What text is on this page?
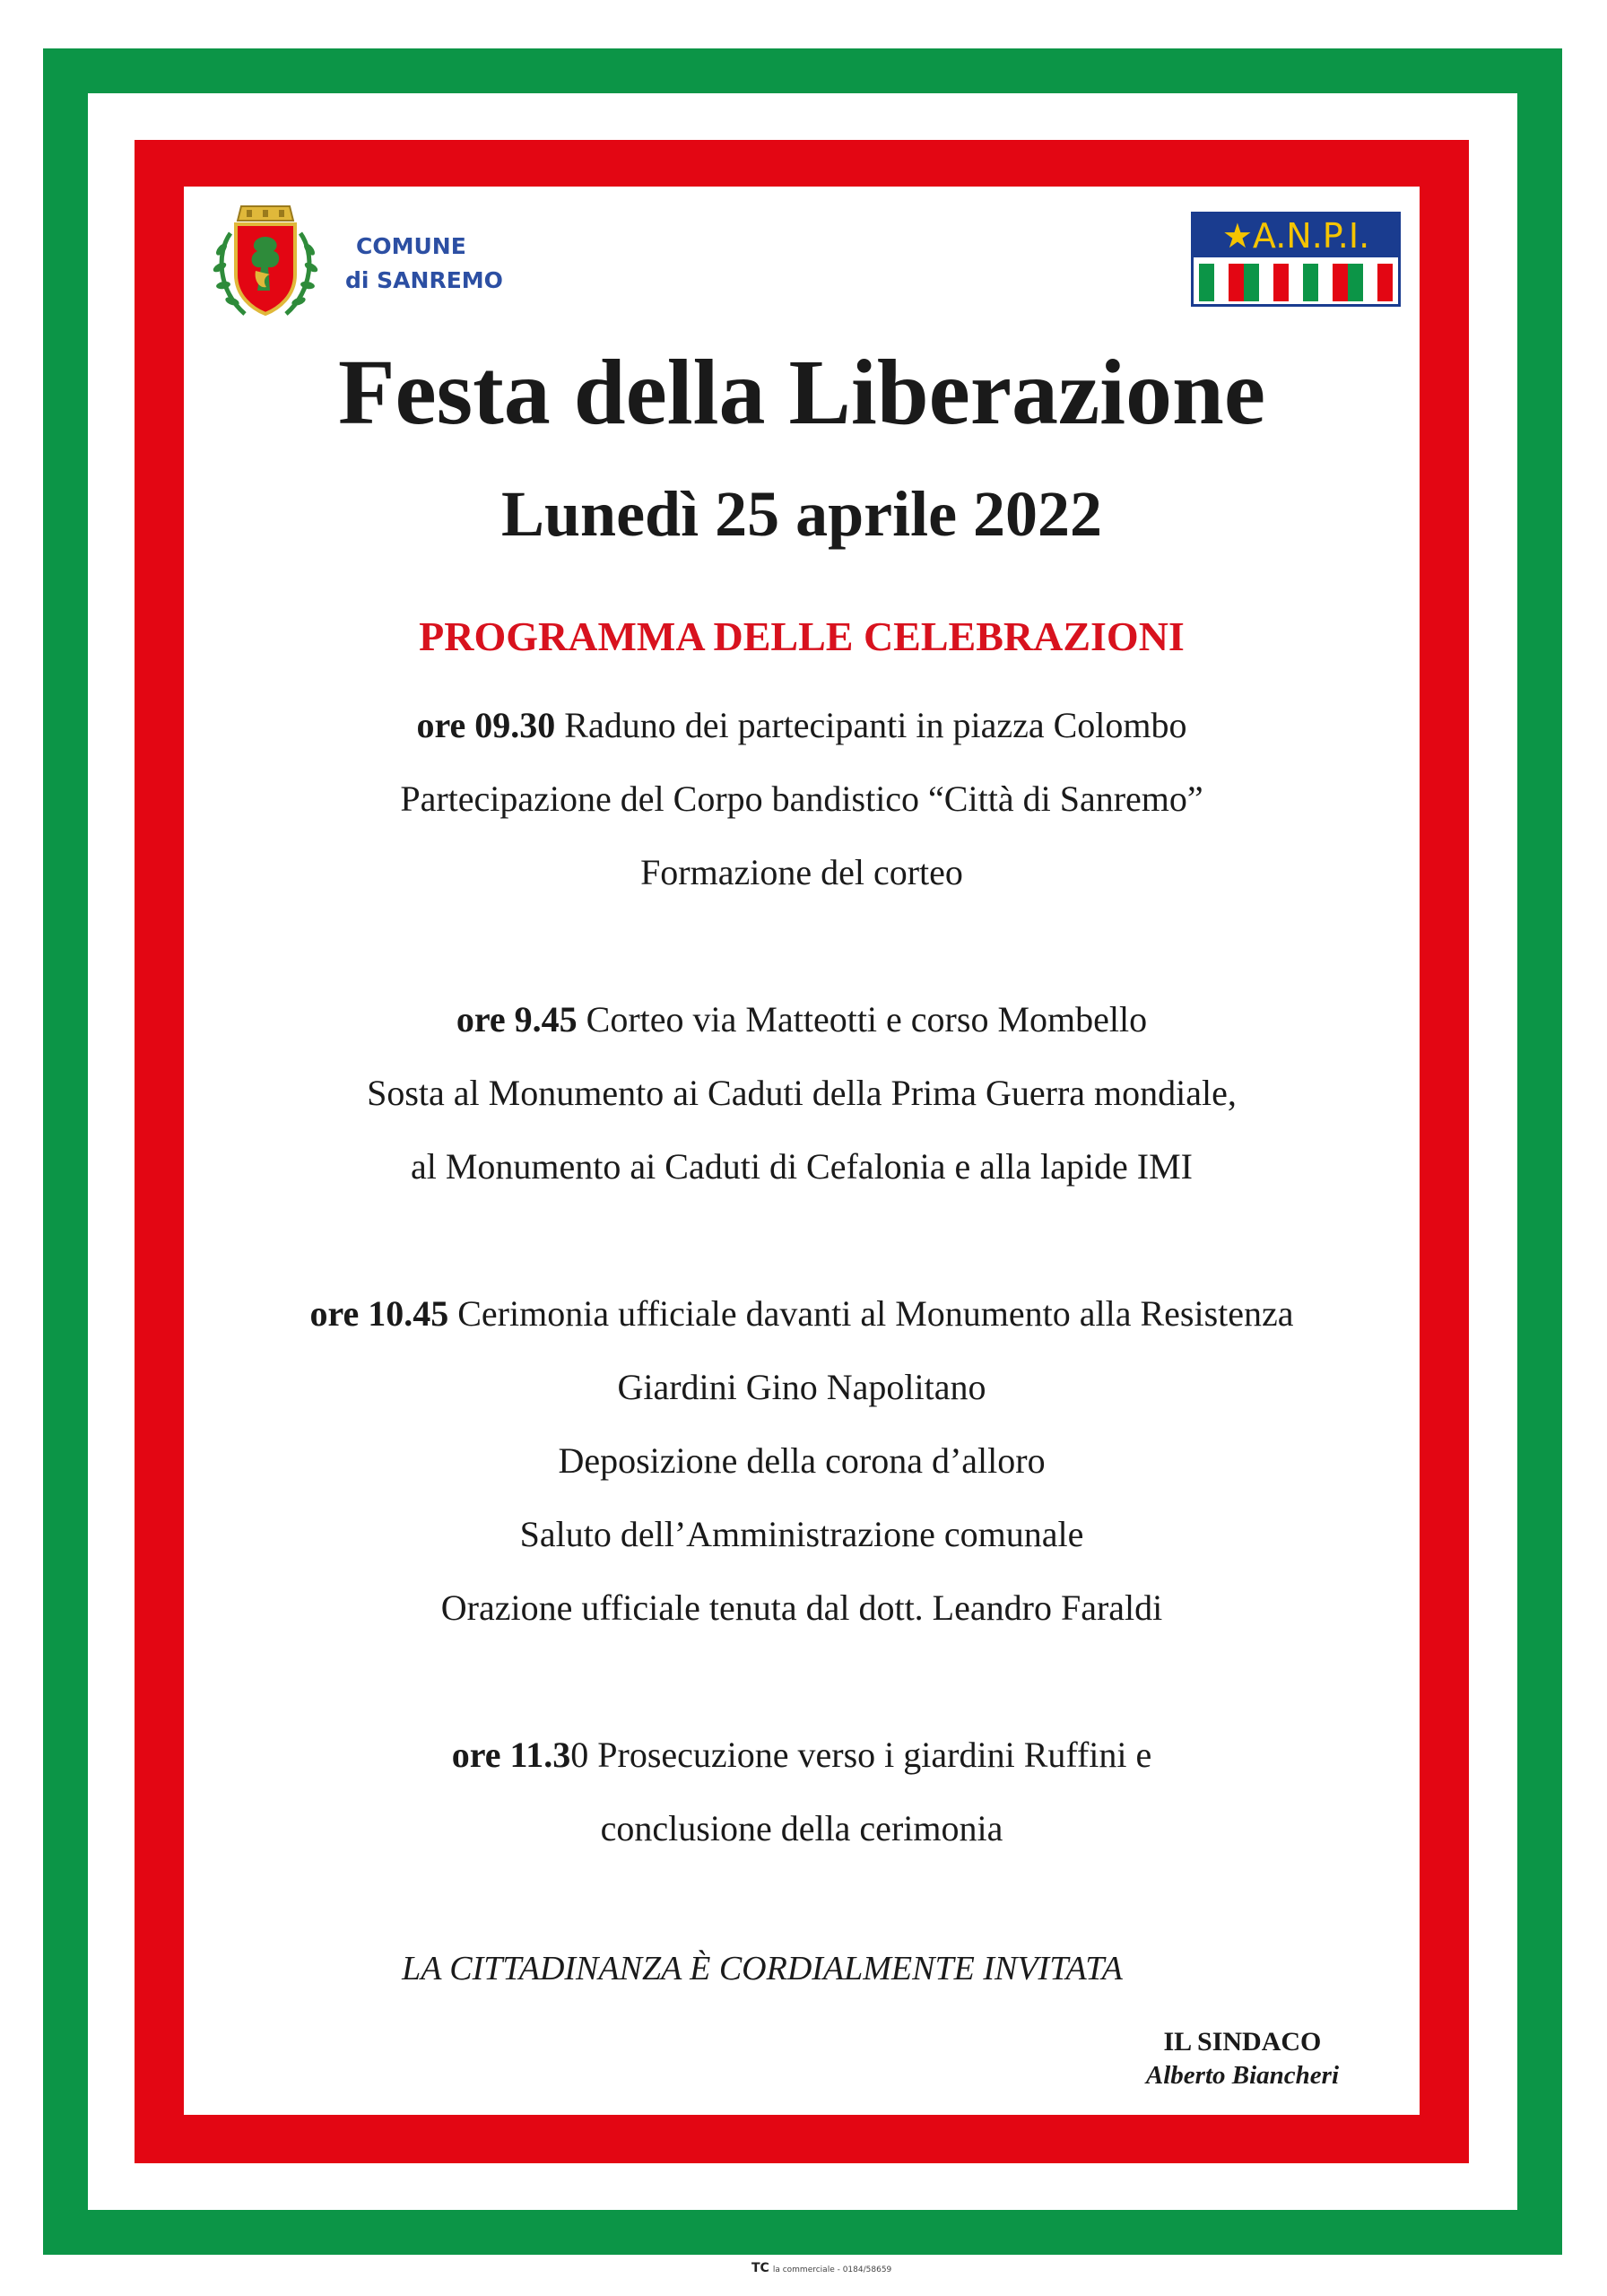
COMUNE
di SANREMO
★A.N.P.I.
Festa della Liberazione
Lunedì 25 aprile 2022
PROGRAMMA DELLE CELEBRAZIONI
ore 09.30 Raduno dei partecipanti in piazza Colombo
Partecipazione del Corpo bandistico “Città di Sanremo”
Formazione del corteo
ore 9.45 Corteo via Matteotti e corso Mombello
Sosta al Monumento ai Caduti della Prima Guerra mondiale,
al Monumento ai Caduti di Cefalonia e alla lapide IMI
ore 10.45 Cerimonia ufficiale davanti al Monumento alla Resistenza
Giardini Gino Napolitano
Deposizione della corona d’alloro
Saluto dell’Amministrazione comunale
Orazione ufficiale tenuta dal dott. Leandro Faraldi
ore 11.30 Prosecuzione verso i giardini Ruffini e
conclusione della cerimonia
LA CITTADINANZA È CORDIALMENTE INVITATA
IL SINDACO
Alberto Biancheri
TC la commerciale - 0184/58659
